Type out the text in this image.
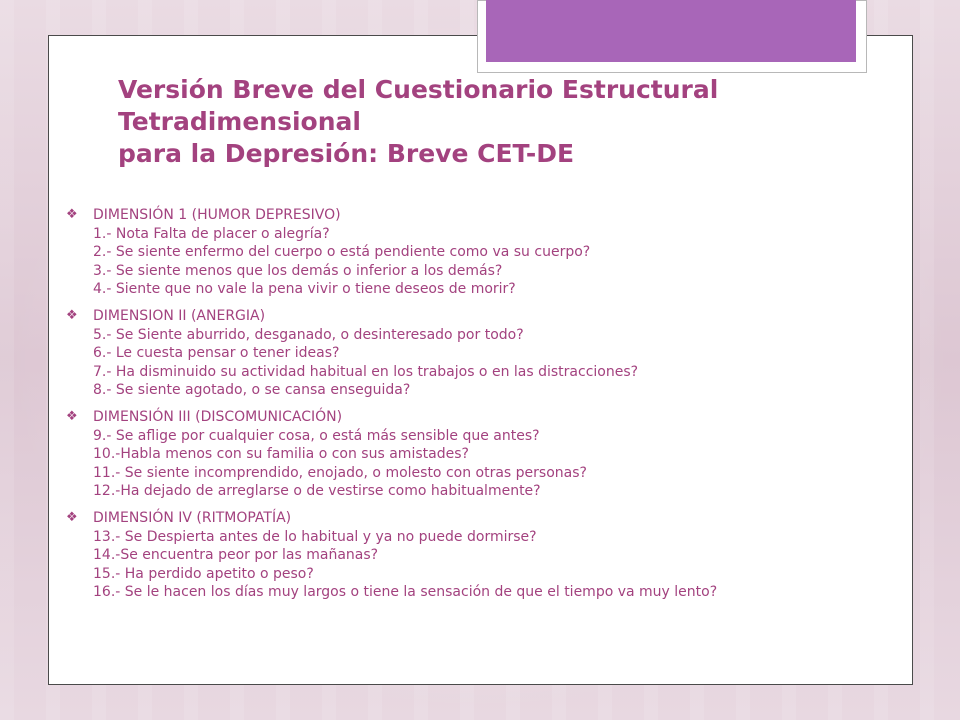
Versión Breve del Cuestionario Estructural
Tetradimensional
para la Depresión: Breve CET-DE
❖	DIMENSIÓN 1 (HUMOR DEPRESIVO)
1.- Nota Falta de placer o alegría?
2.- Se siente enfermo del cuerpo o está pendiente como va su cuerpo?
3.- Se siente menos que los demás o inferior a los demás?
4.- Siente que no vale la pena vivir o tiene deseos de morir?
❖	DIMENSION II (ANERGIA)
5.- Se Siente aburrido, desganado, o desinteresado por todo?
6.- Le cuesta pensar o tener ideas?
7.- Ha disminuido su actividad habitual en los trabajos o en las distracciones?
8.- Se siente agotado, o se cansa enseguida?
❖	DIMENSIÓN III (DISCOMUNICACIÓN)
9.- Se aflige por cualquier cosa, o está más sensible que antes?
10.-Habla menos con su familia o con sus amistades?
11.- Se siente incomprendido, enojado, o molesto con otras personas?
12.-Ha dejado de arreglarse o de vestirse como habitualmente?
❖	DIMENSIÓN IV (RITMOPATÍA)
13.- Se Despierta antes de lo habitual y ya no puede dormirse?
14.-Se encuentra peor por las mañanas?
15.- Ha perdido apetito o peso?
16.- Se le hacen los días muy largos o tiene la sensación de que el tiempo va muy lento?
